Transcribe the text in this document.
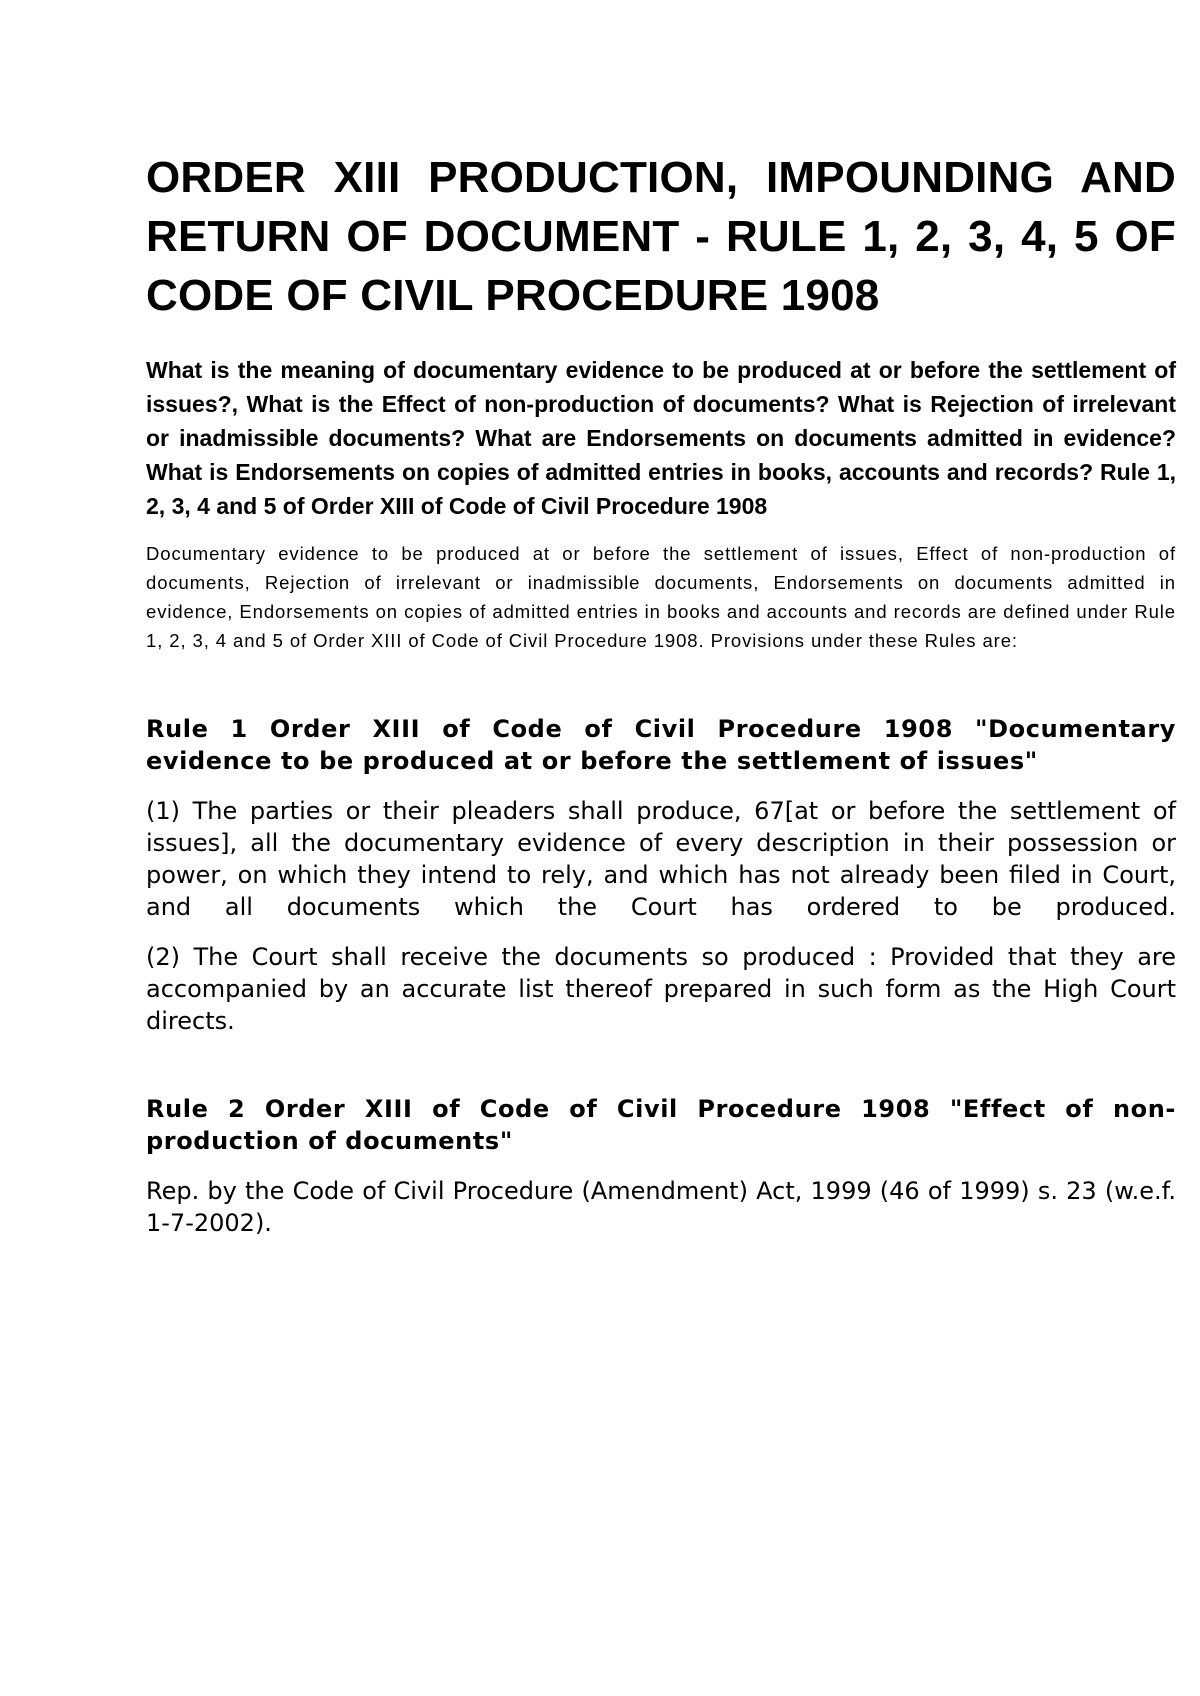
ORDER XIII PRODUCTION, IMPOUNDING AND RETURN OF DOCUMENT - RULE 1, 2, 3, 4, 5 OF CODE OF CIVIL PROCEDURE 1908

What is the meaning of documentary evidence to be produced at or before the settlement of issues?, What is the Effect of non-production of documents? What is Rejection of irrelevant or inadmissible documents? What are Endorsements on documents admitted in evidence? What is Endorsements on copies of admitted entries in books, accounts and records? Rule 1, 2, 3, 4 and 5 of Order XIII of Code of Civil Procedure 1908

Documentary evidence to be produced at or before the settlement of issues, Effect of non-production of documents, Rejection of irrelevant or inadmissible documents, Endorsements on documents admitted in evidence, Endorsements on copies of admitted entries in books and accounts and records are defined under Rule 1, 2, 3, 4 and 5 of Order XIII of Code of Civil Procedure 1908. Provisions under these Rules are:

Rule 1 Order XIII of Code of Civil Procedure 1908 "Documentary evidence to be produced at or before the settlement of issues"

(1) The parties or their pleaders shall produce, 67[at or before the settlement of issues], all the documentary evidence of every description in their possession or power, on which they intend to rely, and which has not already been filed in Court, and all documents which the Court has ordered to be produced.

(2) The Court shall receive the documents so produced : Provided that they are accompanied by an accurate list thereof prepared in such form as the High Court directs.

Rule 2 Order XIII of Code of Civil Procedure 1908 "Effect of non-production of documents"

Rep. by the Code of Civil Procedure (Amendment) Act, 1999 (46 of 1999) s. 23 (w.e.f. 1-7-2002).
